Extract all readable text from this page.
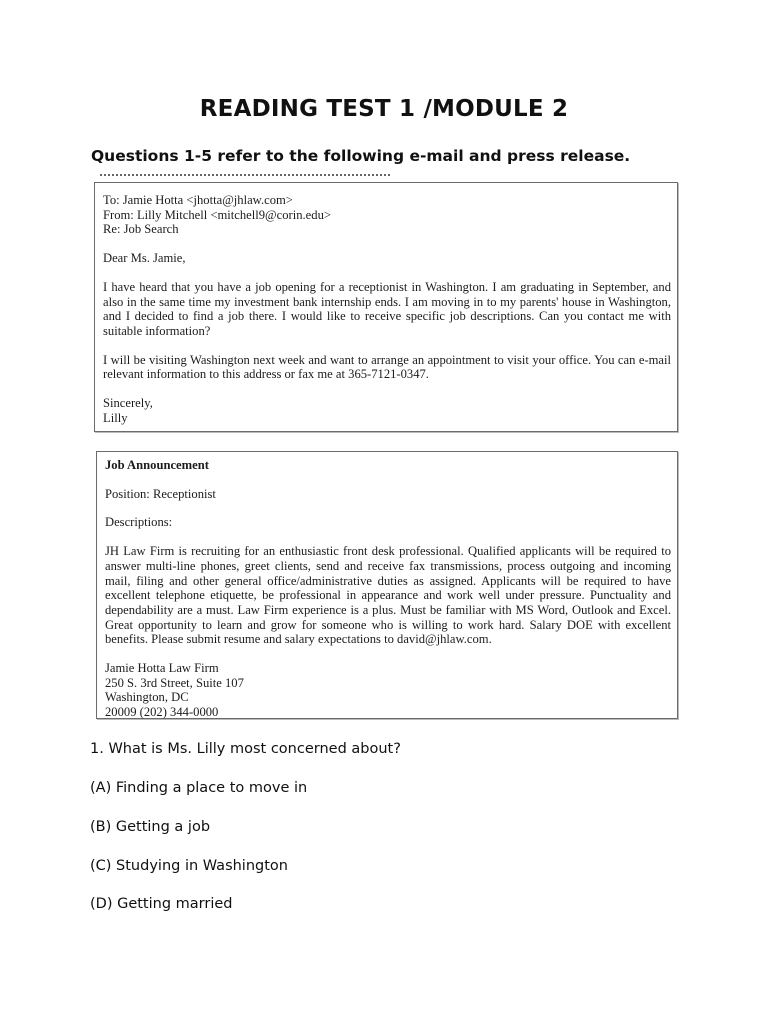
READING TEST 1 /MODULE 2
Questions 1-5 refer to the following e-mail and press release.

To: Jamie Hotta <jhotta@jhlaw.com>

From: Lilly Mitchell <mitchell9@corin.edu>

Re: Job Search

Dear Ms. Jamie,

I have heard that you have a job opening for a receptionist in Washington. I am graduating in September, and also in the same time my investment bank internship ends. I am moving in to my parents' house in Washington, and I decided to find a job there. I would like to receive specific job descriptions. Can you contact me with suitable information?

I will be visiting Washington next week and want to arrange an appointment to visit your office. You can e-mail relevant information to this address or fax me at 365-7121-0347.

Sincerely,

Lilly

Job Announcement

Position: Receptionist

Descriptions:

JH Law Firm is recruiting for an enthusiastic front desk professional. Qualified applicants will be required to answer multi-line phones, greet clients, send and receive fax transmissions, process outgoing and incoming mail, filing and other general office/administrative duties as assigned. Applicants will be required to have excellent telephone etiquette, be professional in appearance and work well under pressure. Punctuality and dependability are a must. Law Firm experience is a plus. Must be familiar with MS Word, Outlook and Excel. Great opportunity to learn and grow for someone who is willing to work hard. Salary DOE with excellent benefits. Please submit resume and salary expectations to david@jhlaw.com.

Jamie Hotta Law Firm

250 S. 3rd Street, Suite 107

Washington, DC

20009 (202) 344-0000

1. What is Ms. Lilly most concerned about?
(A) Finding a place to move in
(B) Getting a job
(C) Studying in Washington
(D) Getting married
